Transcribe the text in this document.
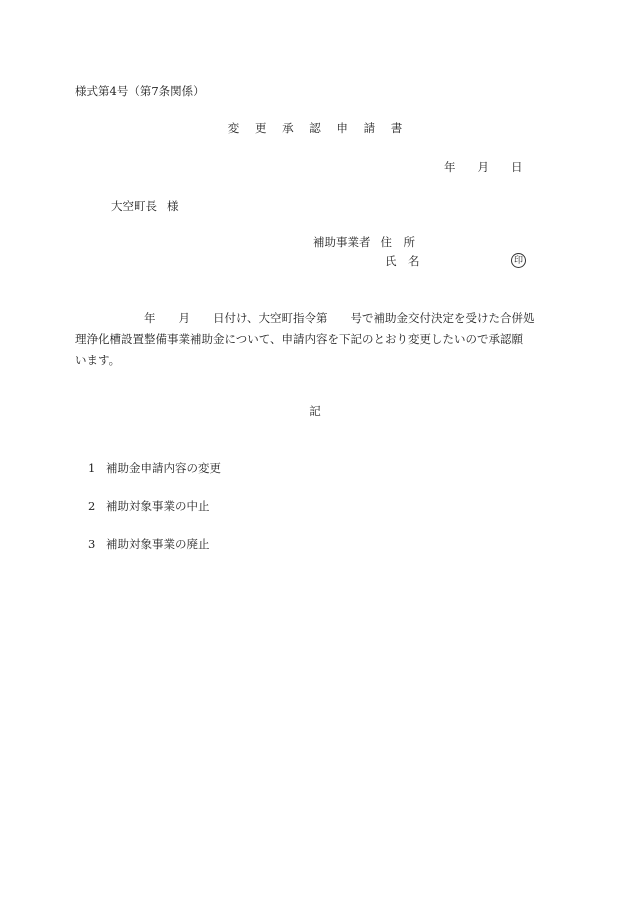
様式第4号（第7条関係）
変 更 承 認 申 請 書
年 月 日
大空町長 様
補助事業者 住　所
氏　名	印

　　　　　　年　　月　　日付け、大空町指令第　　号で補助金交付決定を受けた合併処

理浄化槽設置整備事業補助金について、申請内容を下記のとおり変更したいので承認願

います。

記
1 補助金申請内容の変更
2 補助対象事業の中止
3 補助対象事業の廃止
